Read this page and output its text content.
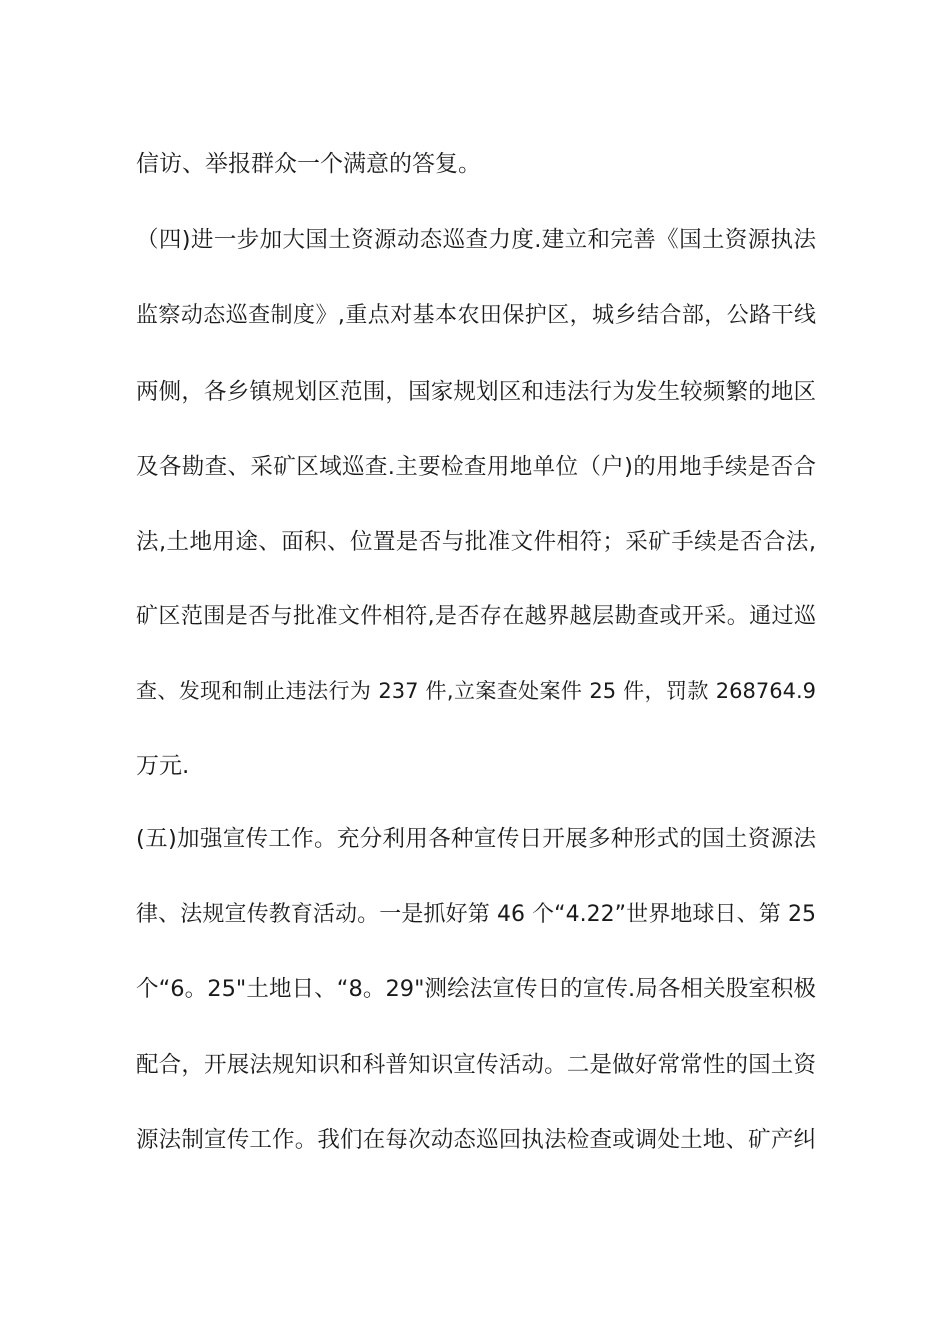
信访、举报群众一个满意的答复。
（四)进一步加大国土资源动态巡查力度.建立和完善《国土资源执法
监察动态巡查制度》,重点对基本农田保护区，城乡结合部，公路干线
两侧，各乡镇规划区范围，国家规划区和违法行为发生较频繁的地区
及各勘查、采矿区域巡查.主要检查用地单位（户)的用地手续是否合
法,土地用途、面积、位置是否与批准文件相符；采矿手续是否合法,
矿区范围是否与批准文件相符,是否存在越界越层勘查或开采。通过巡
查、发现和制止违法行为 237 件,立案查处案件 25 件，罚款 268764.9
万元.
(五)加强宣传工作。充分利用各种宣传日开展多种形式的国土资源法
律、法规宣传教育活动。一是抓好第 46 个“4.22”世界地球日、第 25
个“6。25"土地日、“8。29"测绘法宣传日的宣传.局各相关股室积极
配合，开展法规知识和科普知识宣传活动。二是做好常常性的国土资
源法制宣传工作。我们在每次动态巡回执法检查或调处土地、矿产纠
